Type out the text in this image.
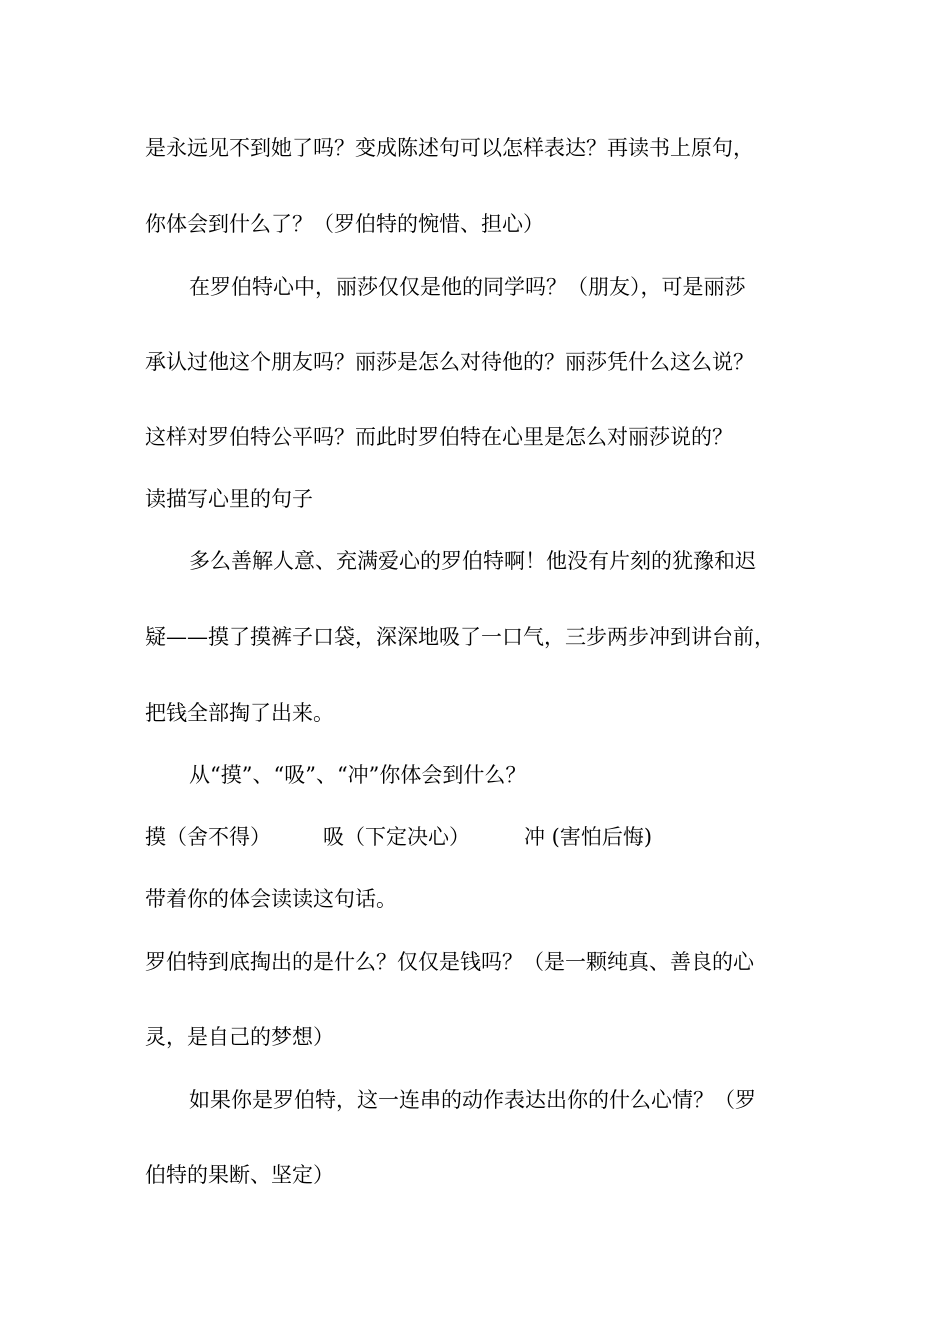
是永远见不到她了吗？变成陈述句可以怎样表达？再读书上原句，

你体会到什么了？（罗伯特的惋惜、担心）

在罗伯特心中，丽莎仅仅是他的同学吗？（朋友），可是丽莎

承认过他这个朋友吗？丽莎是怎么对待他的？丽莎凭什么这么说？

这样对罗伯特公平吗？而此时罗伯特在心里是怎么对丽莎说的？

读描写心里的句子

多么善解人意、充满爱心的罗伯特啊！他没有片刻的犹豫和迟

疑——摸了摸裤子口袋，深深地吸了一口气，三步两步冲到讲台前，

把钱全部掏了出来。

从“摸”、“吸”、“冲”你体会到什么？

摸（舍不得） 吸（下定决心）	冲 (害怕后悔)

带着你的体会读读这句话。

罗伯特到底掏出的是什么？仅仅是钱吗？（是一颗纯真、善良的心

灵，是自己的梦想）

如果你是罗伯特，这一连串的动作表达出你的什么心情？（罗

伯特的果断、坚定）
